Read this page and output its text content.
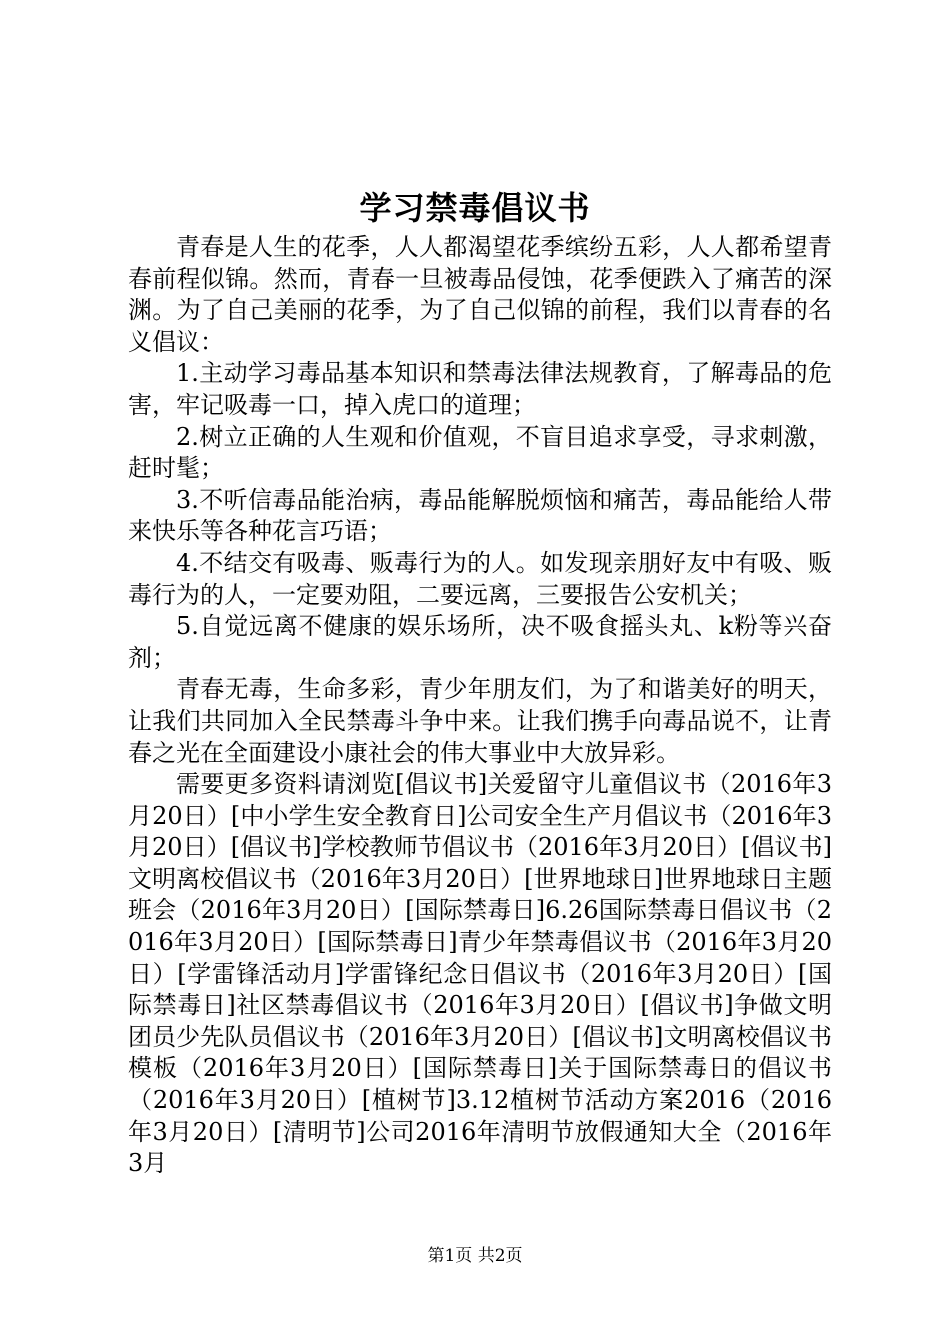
学习禁毒倡议书

青春是人生的花季，人人都渴望花季缤纷五彩，人人都希望青春前程似锦。然而，青春一旦被毒品侵蚀，花季便跌入了痛苦的深渊。为了自己美丽的花季，为了自己似锦的前程，我们以青春的名义倡议：

1.主动学习毒品基本知识和禁毒法律法规教育，了解毒品的危害，牢记吸毒一口，掉入虎口的道理；

2.树立正确的人生观和价值观，不盲目追求享受，寻求刺激，赶时髦；

3.不听信毒品能治病，毒品能解脱烦恼和痛苦，毒品能给人带来快乐等各种花言巧语；

4.不结交有吸毒、贩毒行为的人。如发现亲朋好友中有吸、贩毒行为的人，一定要劝阻，二要远离，三要报告公安机关；

5.自觉远离不健康的娱乐场所，决不吸食摇头丸、k粉等兴奋剂；

青春无毒，生命多彩，青少年朋友们，为了和谐美好的明天，让我们共同加入全民禁毒斗争中来。让我们携手向毒品说不，让青春之光在全面建设小康社会的伟大事业中大放异彩。

需要更多资料请浏览[倡议书]关爱留守儿童倡议书（2016年3月20日）[中小学生安全教育日]公司安全生产月倡议书（2016年3月20日）[倡议书]学校教师节倡议书（2016年3月20日）[倡议书]文明离校倡议书（2016年3月20日）[世界地球日]世界地球日主题班会（2016年3月20日）[国际禁毒日]6.26国际禁毒日倡议书（2016年3月20日）[国际禁毒日]青少年禁毒倡议书（2016年3月20日）[学雷锋活动月]学雷锋纪念日倡议书（2016年3月20日）[国际禁毒日]社区禁毒倡议书（2016年3月20日）[倡议书]争做文明团员少先队员倡议书（2016年3月20日）[倡议书]文明离校倡议书模板（2016年3月20日）[国际禁毒日]关于国际禁毒日的倡议书（2016年3月20日）[植树节]3.12植树节活动方案2016（2016年3月20日）[清明节]公司2016年清明节放假通知大全（2016年3月

第1页 共2页
